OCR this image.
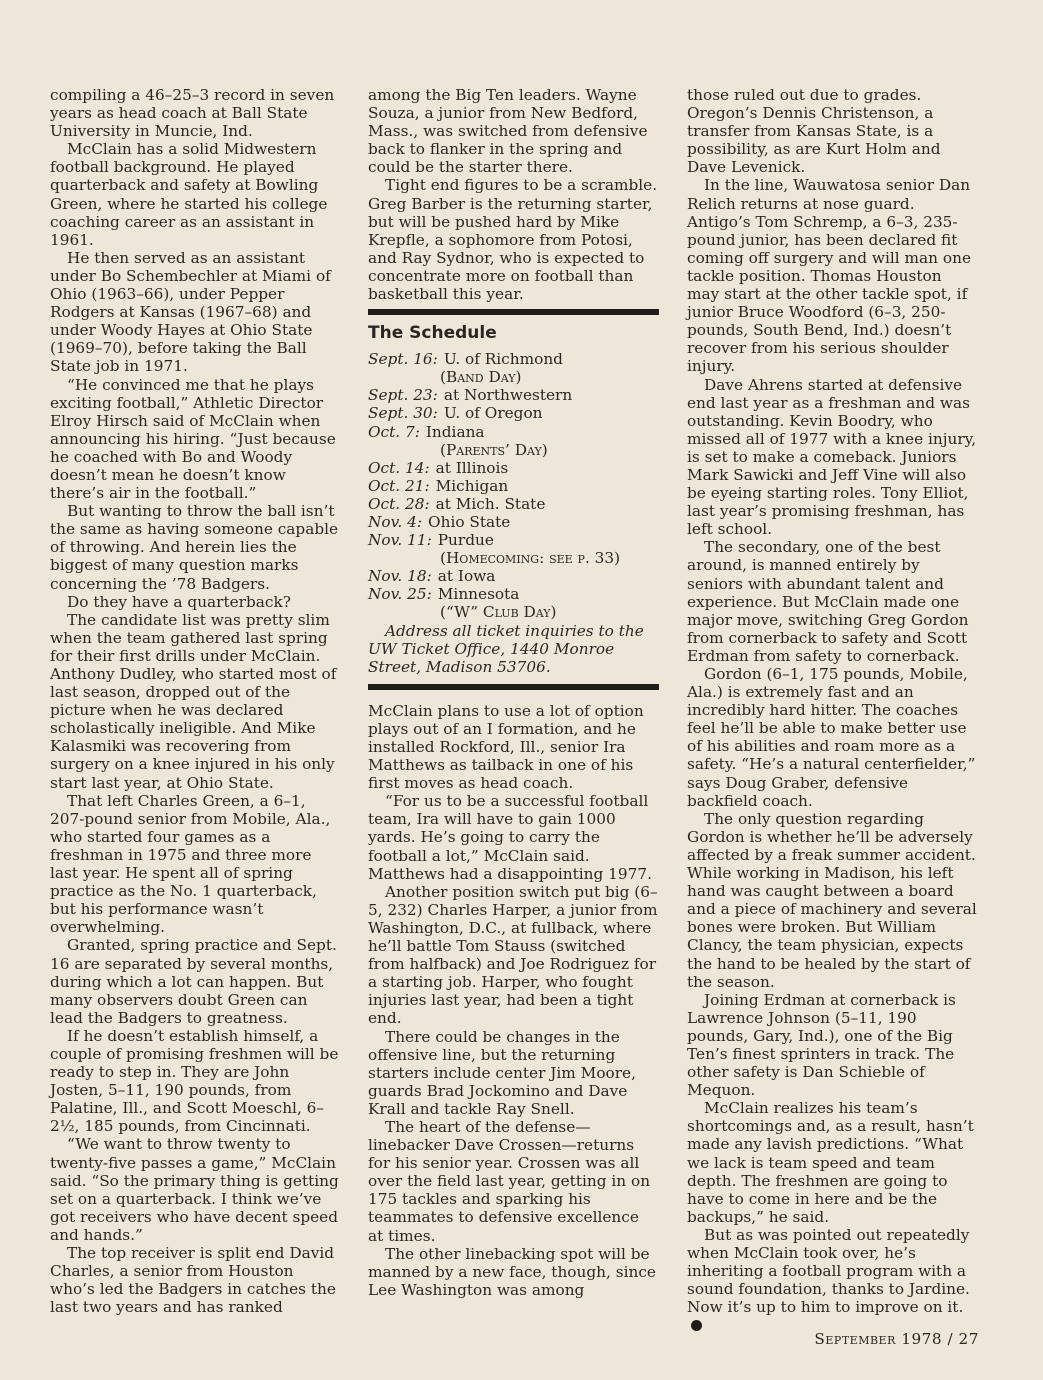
compiling a 46–25–3 record in seven years as head coach at Ball State University in Muncie, Ind.

McClain has a solid Midwestern football background. He played quarterback and safety at Bowling Green, where he started his college coaching career as an assistant in 1961.

He then served as an assistant under Bo Schembechler at Miami of Ohio (1963–66), under Pepper Rodgers at Kansas (1967–68) and under Woody Hayes at Ohio State (1969–70), before taking the Ball State job in 1971.

“He convinced me that he plays exciting football,” Athletic Director Elroy Hirsch said of McClain when announcing his hiring. “Just because he coached with Bo and Woody doesn’t mean he doesn’t know there’s air in the football.”

But wanting to throw the ball isn’t the same as having someone capable of throwing. And herein lies the biggest of many question marks concerning the ’78 Badgers.

Do they have a quarterback?

The candidate list was pretty slim when the team gathered last spring for their first drills under McClain. Anthony Dudley, who started most of last season, dropped out of the picture when he was declared scholastically ineligible. And Mike Kalasmiki was recovering from surgery on a knee injured in his only start last year, at Ohio State.

That left Charles Green, a 6–1, 207-pound senior from Mobile, Ala., who started four games as a freshman in 1975 and three more last year. He spent all of spring practice as the No. 1 quarterback, but his performance wasn’t overwhelming.

Granted, spring practice and Sept. 16 are separated by several months, during which a lot can happen. But many observers doubt Green can lead the Badgers to greatness.

If he doesn’t establish himself, a couple of promising freshmen will be ready to step in. They are John Josten, 5–11, 190 pounds, from Palatine, Ill., and Scott Moeschl, 6–2½, 185 pounds, from Cincinnati.

“We want to throw twenty to twenty-five passes a game,” McClain said. “So the primary thing is getting set on a quarterback. I think we’ve got receivers who have decent speed and hands.”

The top receiver is split end David Charles, a senior from Houston who’s led the Badgers in catches the last two years and has ranked

among the Big Ten leaders. Wayne Souza, a junior from New Bedford, Mass., was switched from defensive back to flanker in the spring and could be the starter there.

Tight end figures to be a scramble. Greg Barber is the returning starter, but will be pushed hard by Mike Krepfle, a sophomore from Potosi, and Ray Sydnor, who is expected to concentrate more on football than basketball this year.

The Schedule
Sept. 16: U. of Richmond
(Band Day)
Sept. 23: at Northwestern
Sept. 30: U. of Oregon
Oct. 7: Indiana
(Parents’ Day)
Oct. 14: at Illinois
Oct. 21: Michigan
Oct. 28: at Mich. State
Nov. 4: Ohio State
Nov. 11: Purdue
(Homecoming: see p. 33)
Nov. 18: at Iowa
Nov. 25: Minnesota
(“W” Club Day)

Address all ticket inquiries to the UW Ticket Office, 1440 Monroe Street, Madison 53706.

McClain plans to use a lot of option plays out of an I formation, and he installed Rockford, Ill., senior Ira Matthews as tailback in one of his first moves as head coach.

“For us to be a successful football team, Ira will have to gain 1000 yards. He’s going to carry the football a lot,” McClain said. Matthews had a disappointing 1977.

Another position switch put big (6–5, 232) Charles Harper, a junior from Washington, D.C., at fullback, where he’ll battle Tom Stauss (switched from halfback) and Joe Rodriguez for a starting job. Harper, who fought injuries last year, had been a tight end.

There could be changes in the offensive line, but the returning starters include center Jim Moore, guards Brad Jockomino and Dave Krall and tackle Ray Snell.

The heart of the defense—linebacker Dave Crossen—returns for his senior year. Crossen was all over the field last year, getting in on 175 tackles and sparking his teammates to defensive excellence at times.

The other linebacking spot will be manned by a new face, though, since Lee Washington was among

those ruled out due to grades. Oregon’s Dennis Christenson, a transfer from Kansas State, is a possibility, as are Kurt Holm and Dave Levenick.

In the line, Wauwatosa senior Dan Relich returns at nose guard. Antigo’s Tom Schremp, a 6–3, 235-pound junior, has been declared fit coming off surgery and will man one tackle position. Thomas Houston may start at the other tackle spot, if junior Bruce Woodford (6–3, 250-pounds, South Bend, Ind.) doesn’t recover from his serious shoulder injury.

Dave Ahrens started at defensive end last year as a freshman and was outstanding. Kevin Boodry, who missed all of 1977 with a knee injury, is set to make a comeback. Juniors Mark Sawicki and Jeff Vine will also be eyeing starting roles. Tony Elliot, last year’s promising freshman, has left school.

The secondary, one of the best around, is manned entirely by seniors with abundant talent and experience. But McClain made one major move, switching Greg Gordon from cornerback to safety and Scott Erdman from safety to cornerback.

Gordon (6–1, 175 pounds, Mobile, Ala.) is extremely fast and an incredibly hard hitter. The coaches feel he’ll be able to make better use of his abilities and roam more as a safety. “He’s a natural centerfielder,” says Doug Graber, defensive backfield coach.

The only question regarding Gordon is whether he’ll be adversely affected by a freak summer accident. While working in Madison, his left hand was caught between a board and a piece of machinery and several bones were broken. But William Clancy, the team physician, expects the hand to be healed by the start of the season.

Joining Erdman at cornerback is Lawrence Johnson (5–11, 190 pounds, Gary, Ind.), one of the Big Ten’s finest sprinters in track. The other safety is Dan Schieble of Mequon.

McClain realizes his team’s shortcomings and, as a result, hasn’t made any lavish predictions. “What we lack is team speed and team depth. The freshmen are going to have to come in here and be the backups,” he said.

But as was pointed out repeatedly when McClain took over, he’s inheriting a football program with a sound foundation, thanks to Jardine. Now it’s up to him to improve on it.

September 1978 / 27
